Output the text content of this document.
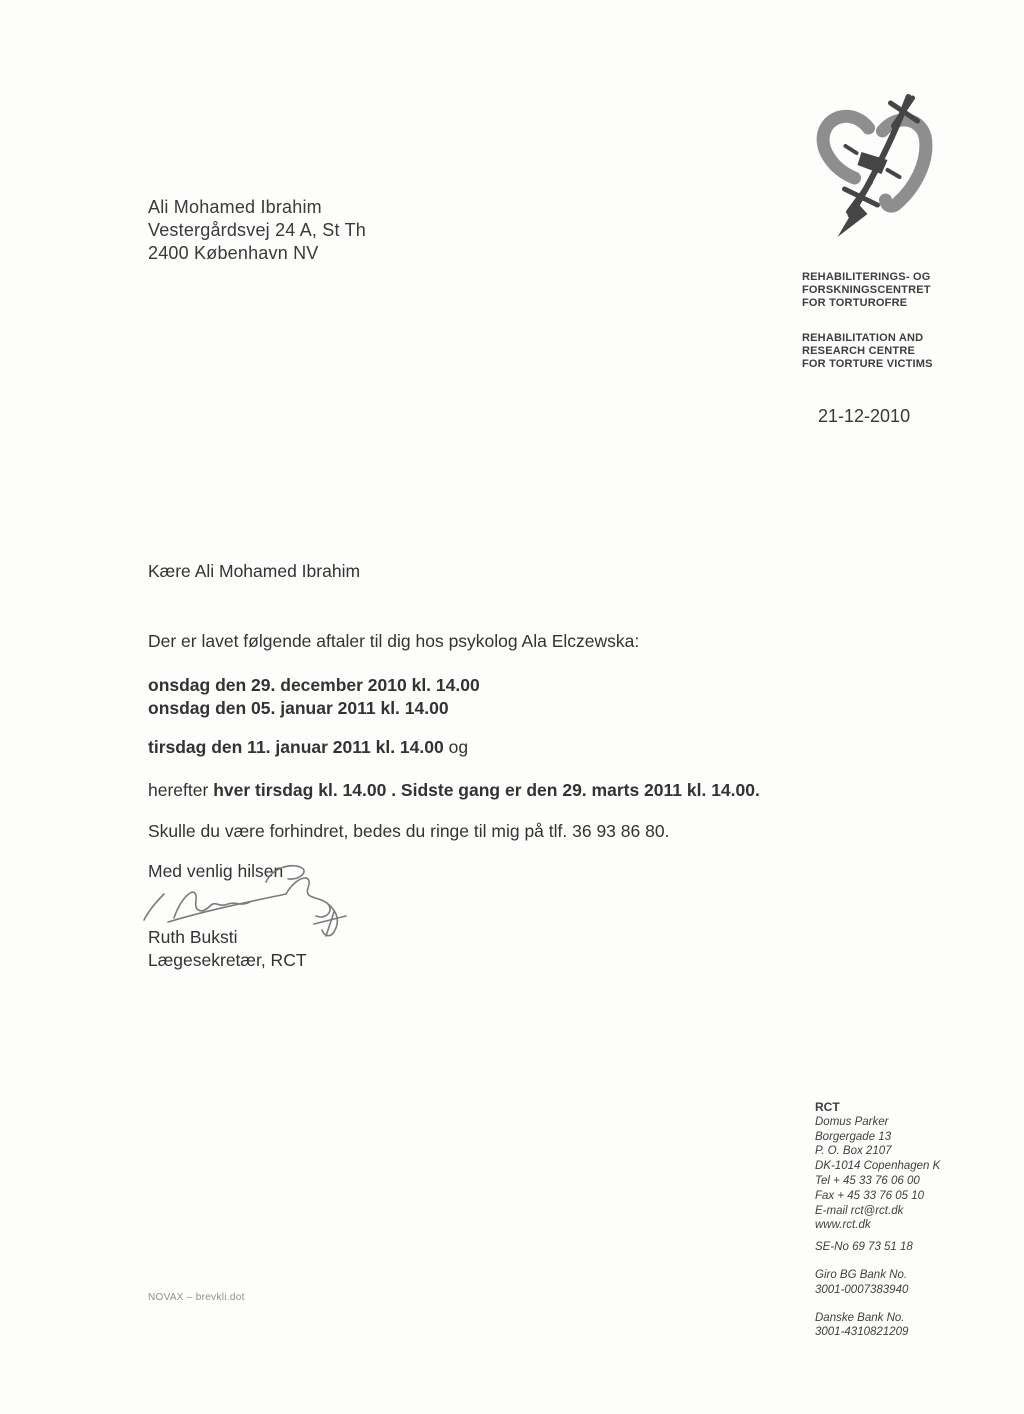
Ali Mohamed Ibrahim
Vestergårdsvej 24 A, St Th
2400 København NV
REHABILITERINGS- OG
FORSKNINGSCENTRET
FOR TORTUROFRE
REHABILITATION AND
RESEARCH CENTRE
FOR TORTURE VICTIMS
21-12-2010
Kære Ali Mohamed Ibrahim
Der er lavet følgende aftaler til dig hos psykolog Ala Elczewska:
onsdag den 29. december 2010 kl. 14.00
onsdag den 05. januar 2011 kl. 14.00
tirsdag den 11. januar 2011 kl. 14.00 og
herefter hver tirsdag kl. 14.00 . Sidste gang er den 29. marts 2011 kl. 14.00.
Skulle du være forhindret, bedes du ringe til mig på tlf. 36 93 86 80.
Med venlig hilsen
Ruth Buksti
Lægesekretær, RCT
RCT
Domus Parker
Borgergade 13
P. O. Box 2107
DK-1014 Copenhagen K
Tel + 45 33 76 06 00
Fax + 45 33 76 05 10
E-mail rct@rct.dk
www.rct.dk
SE-No 69 73 51 18
Giro BG Bank No.
3001-0007383940
Danske Bank No.
3001-4310821209
NOVAX – brevkli.dot
